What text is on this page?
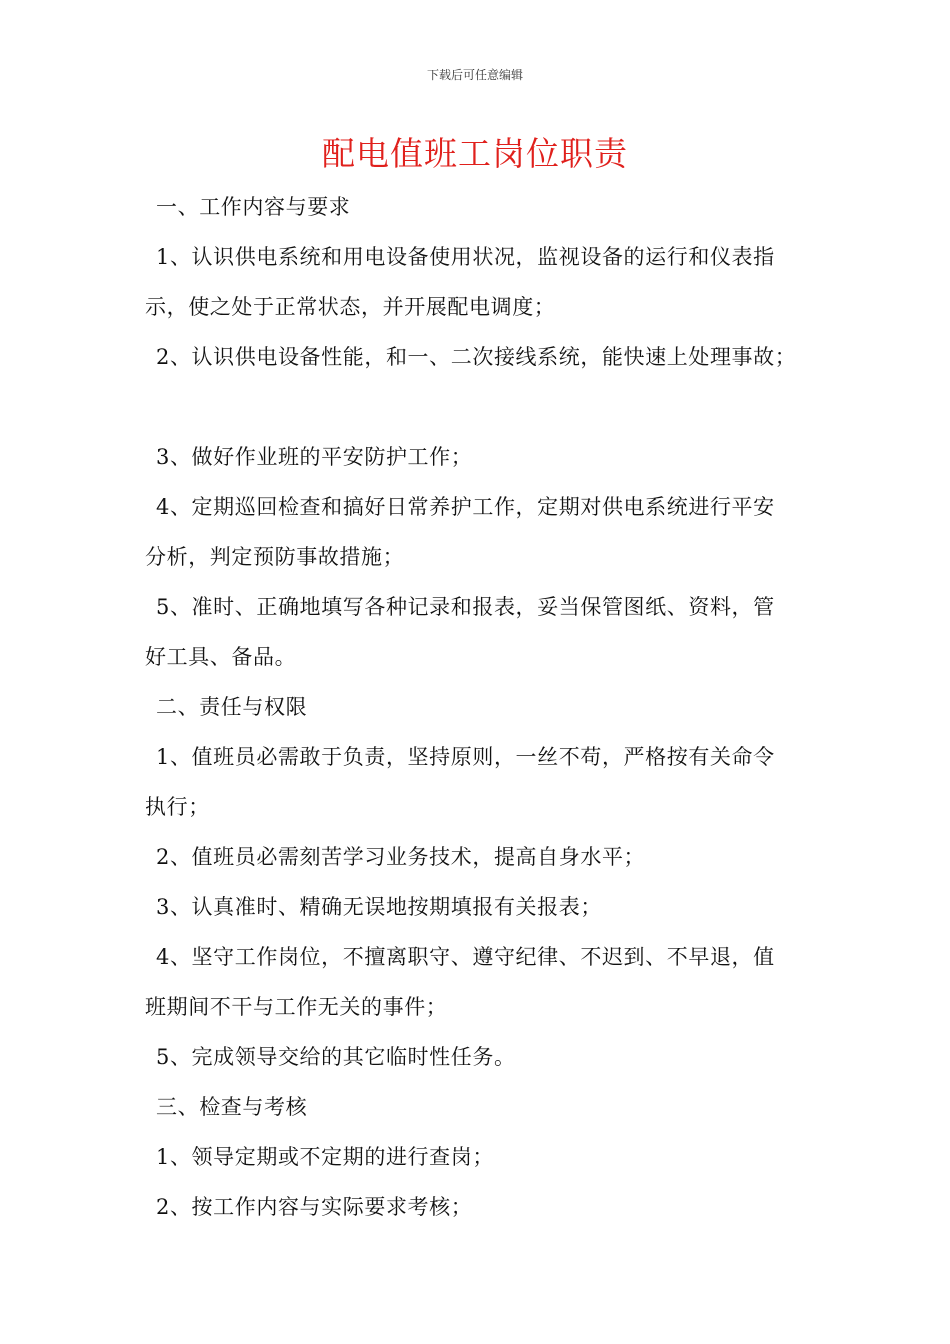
下载后可任意编辑
配电值班工岗位职责
一、工作内容与要求
1、认识供电系统和用电设备使用状况，监视设备的运行和仪表指
示，使之处于正常状态，并开展配电调度；
2、认识供电设备性能，和一、二次接线系统，能快速上处理事故；
3、做好作业班的平安防护工作；
4、定期巡回检查和搞好日常养护工作，定期对供电系统进行平安
分析，判定预防事故措施；
5、准时、正确地填写各种记录和报表，妥当保管图纸、资料，管
好工具、备品。
二、责任与权限
1、值班员必需敢于负责，坚持原则，一丝不苟，严格按有关命令
执行；
2、值班员必需刻苦学习业务技术，提高自身水平；
3、认真准时、精确无误地按期填报有关报表；
4、坚守工作岗位，不擅离职守、遵守纪律、不迟到、不早退，值
班期间不干与工作无关的事件；
5、完成领导交给的其它临时性任务。
三、检查与考核
1、领导定期或不定期的进行查岗；
2、按工作内容与实际要求考核；
